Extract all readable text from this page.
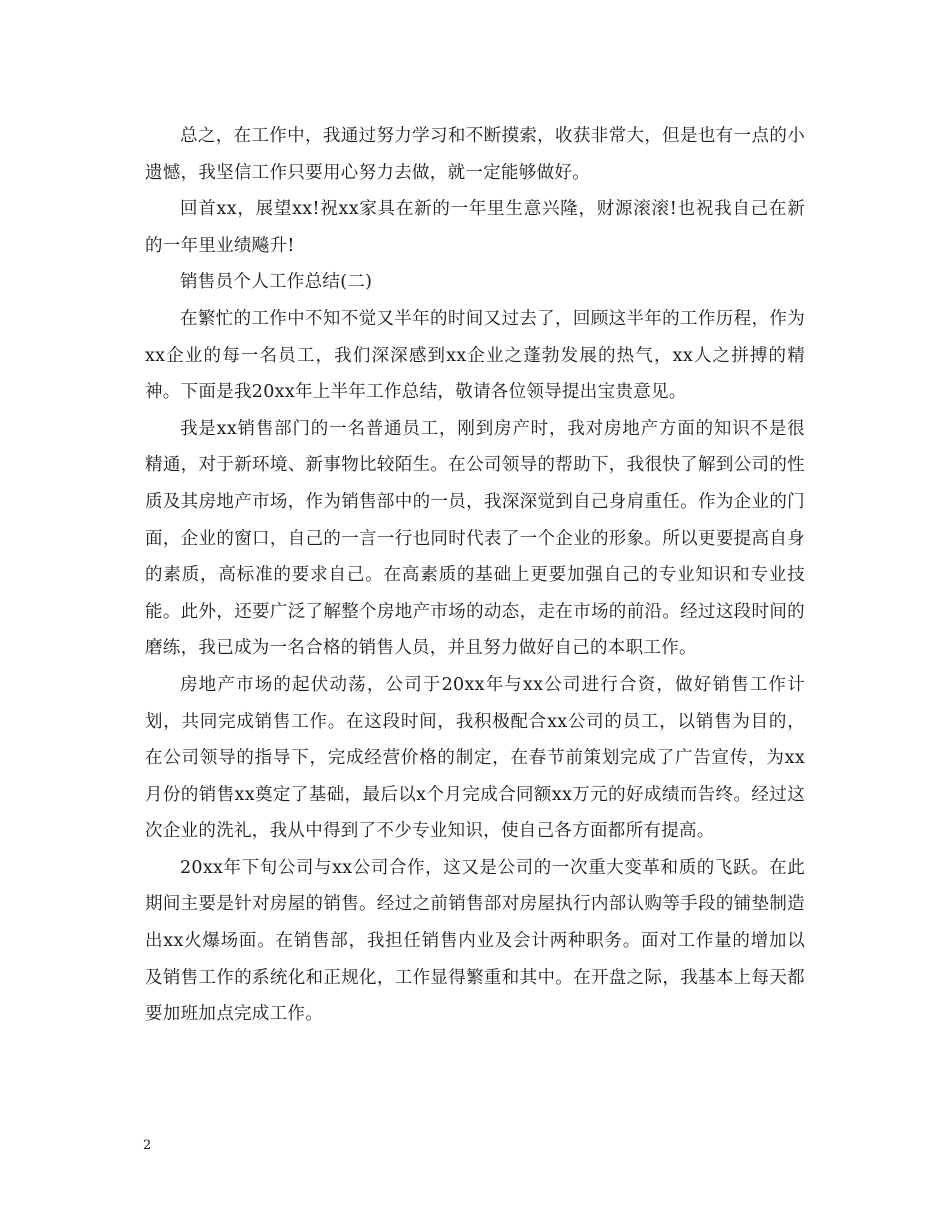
总之，在工作中，我通过努力学习和不断摸索，收获非常大，但是也有一点的小遗憾，我坚信工作只要用心努力去做，就一定能够做好。

回首xx，展望xx!祝xx家具在新的一年里生意兴隆，财源滚滚!也祝我自己在新的一年里业绩飚升!

销售员个人工作总结(二)

在繁忙的工作中不知不觉又半年的时间又过去了，回顾这半年的工作历程，作为xx企业的每一名员工，我们深深感到xx企业之蓬勃发展的热气，xx人之拼搏的精神。下面是我20xx年上半年工作总结，敬请各位领导提出宝贵意见。

我是xx销售部门的一名普通员工，刚到房产时，我对房地产方面的知识不是很精通，对于新环境、新事物比较陌生。在公司领导的帮助下，我很快了解到公司的性质及其房地产市场，作为销售部中的一员，我深深觉到自己身肩重任。作为企业的门面，企业的窗口，自己的一言一行也同时代表了一个企业的形象。所以更要提高自身的素质，高标准的要求自己。在高素质的基础上更要加强自己的专业知识和专业技能。此外，还要广泛了解整个房地产市场的动态，走在市场的前沿。经过这段时间的磨练，我已成为一名合格的销售人员，并且努力做好自己的本职工作。

房地产市场的起伏动荡，公司于20xx年与xx公司进行合资，做好销售工作计划，共同完成销售工作。在这段时间，我积极配合xx公司的员工，以销售为目的，在公司领导的指导下，完成经营价格的制定，在春节前策划完成了广告宣传，为xx月份的销售xx奠定了基础，最后以x个月完成合同额xx万元的好成绩而告终。经过这次企业的洗礼，我从中得到了不少专业知识，使自己各方面都所有提高。

20xx年下旬公司与xx公司合作，这又是公司的一次重大变革和质的飞跃。在此期间主要是针对房屋的销售。经过之前销售部对房屋执行内部认购等手段的铺垫制造出xx火爆场面。在销售部，我担任销售内业及会计两种职务。面对工作量的增加以及销售工作的系统化和正规化，工作显得繁重和其中。在开盘之际，我基本上每天都要加班加点完成工作。

2
